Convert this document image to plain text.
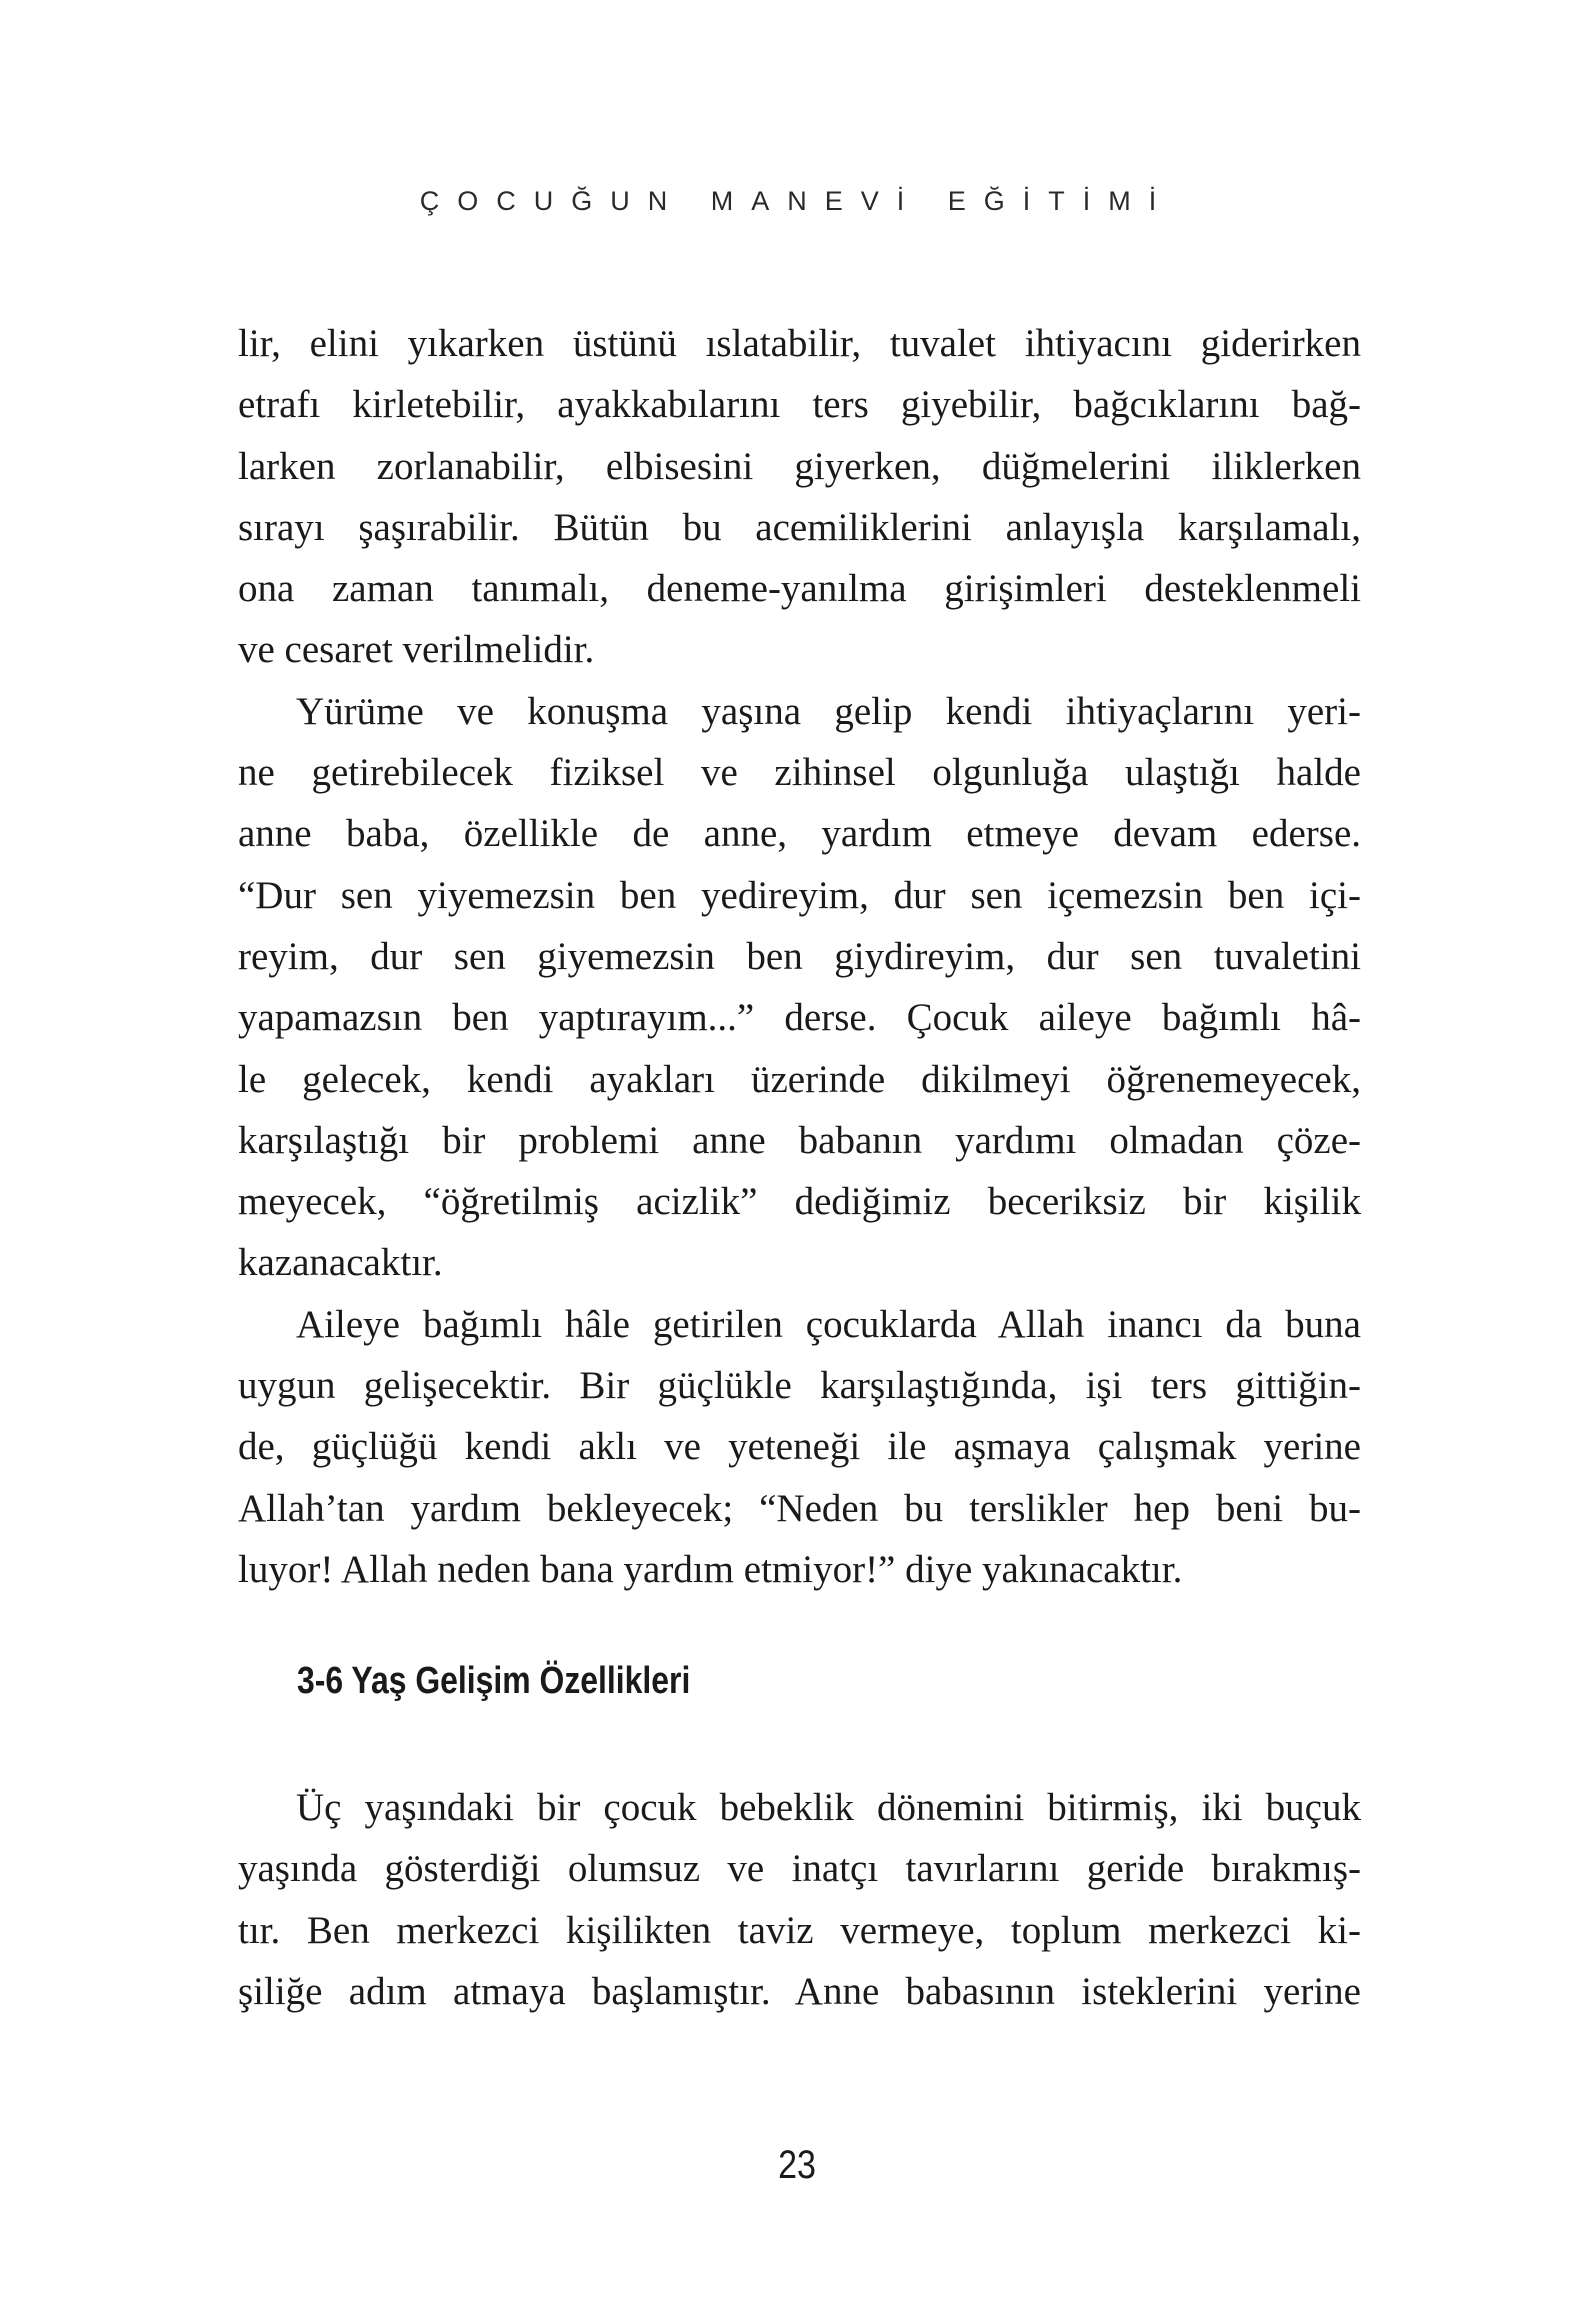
ÇOCUĞUN MANEVİ EĞİTİMİ

lir, elini yıkarken üstünü ıslatabilir, tuvalet ihtiyacını giderirken
etrafı kirletebilir, ayakkabılarını ters giyebilir, bağcıklarını bağ-
larken zorlanabilir, elbisesini giyerken, düğmelerini iliklerken
sırayı şaşırabilir. Bütün bu acemiliklerini anlayışla karşılamalı,
ona zaman tanımalı, deneme-yanılma girişimleri desteklenmeli
ve cesaret verilmelidir.

Yürüme ve konuşma yaşına gelip kendi ihtiyaçlarını yeri-
ne getirebilecek fiziksel ve zihinsel olgunluğa ulaştığı halde
anne baba, özellikle de anne, yardım etmeye devam ederse.
“Dur sen yiyemezsin ben yedireyim, dur sen içemezsin ben içi-
reyim, dur sen giyemezsin ben giydireyim, dur sen tuvaletini
yapamazsın ben yaptırayım...” derse. Çocuk aileye bağımlı hâ-
le gelecek, kendi ayakları üzerinde dikilmeyi öğrenemeyecek,
karşılaştığı bir problemi anne babanın yardımı olmadan çöze-
meyecek, “öğretilmiş acizlik” dediğimiz beceriksiz bir kişilik
kazanacaktır.

Aileye bağımlı hâle getirilen çocuklarda Allah inancı da buna
uygun gelişecektir. Bir güçlükle karşılaştığında, işi ters gittiğin-
de, güçlüğü kendi aklı ve yeteneği ile aşmaya çalışmak yerine
Allah’tan yardım bekleyecek; “Neden bu terslikler hep beni bu-
luyor! Allah neden bana yardım etmiyor!” diye yakınacaktır.

3-6 Yaş Gelişim Özellikleri

Üç yaşındaki bir çocuk bebeklik dönemini bitirmiş, iki buçuk
yaşında gösterdiği olumsuz ve inatçı tavırlarını geride bırakmış-
tır. Ben merkezci kişilikten taviz vermeye, toplum merkezci ki-
şiliğe adım atmaya başlamıştır. Anne babasının isteklerini yerine

23
